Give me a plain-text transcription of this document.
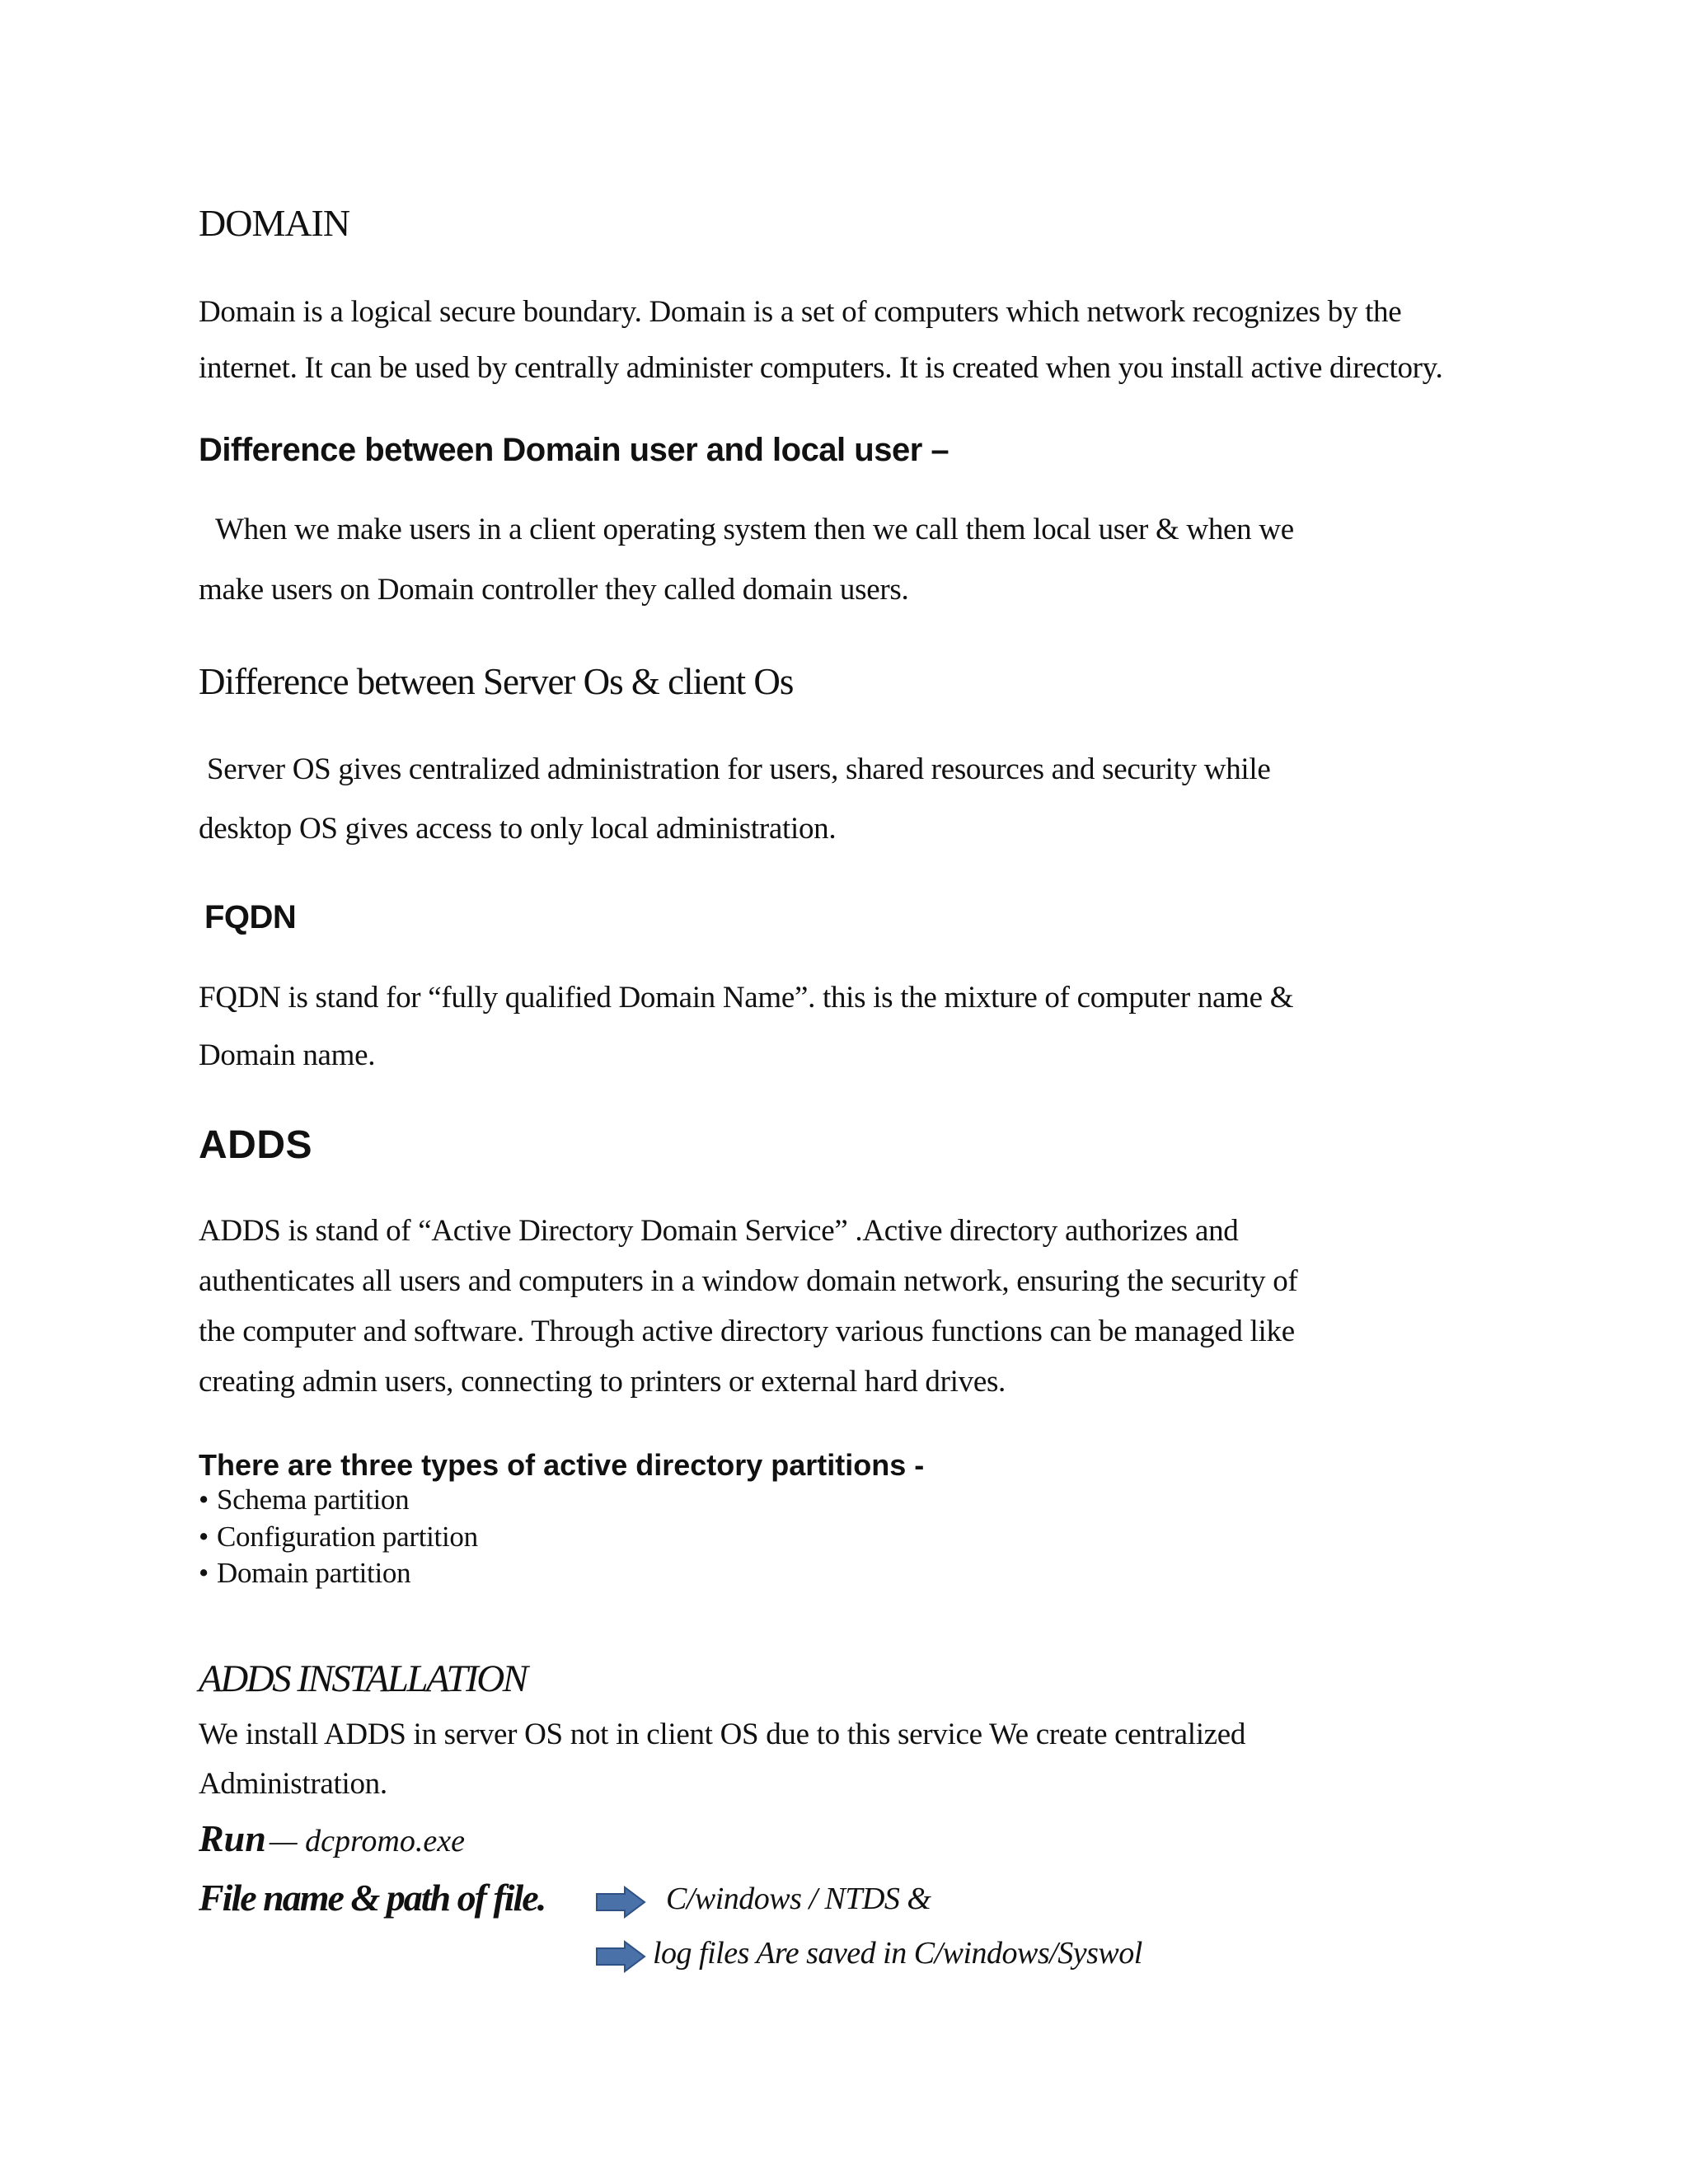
DOMAIN
Domain is a logical secure boundary. Domain is a set of computers which network recognizes by the
internet. It can be used by centrally administer computers. It is created when you install active directory.
Difference between Domain user and local user –
When we make users in a client operating system then we call them local user & when we
make users on Domain controller they called domain users.
Difference between Server Os & client Os
Server OS gives centralized administration for users, shared resources and security while
desktop OS gives access to only local administration.
FQDN
FQDN is stand for “fully qualified Domain Name”. this is the mixture of computer name &
Domain name.
ADDS
ADDS is stand of “Active Directory Domain Service” .Active directory authorizes and
authenticates all users and computers in a window domain network, ensuring the security of
the computer and software. Through active directory various functions can be managed like
creating admin users, connecting to printers or external hard drives.
There are three types of active directory partitions -
• Schema partition
• Configuration partition
• Domain partition
ADDS INSTALLATION
We install ADDS in server OS not in client OS due to this service We create centralized
Administration.
Run — dcpromo.exe
File name & path of file.	C/windows / NTDS &
log files Are saved in C/windows/Syswol
